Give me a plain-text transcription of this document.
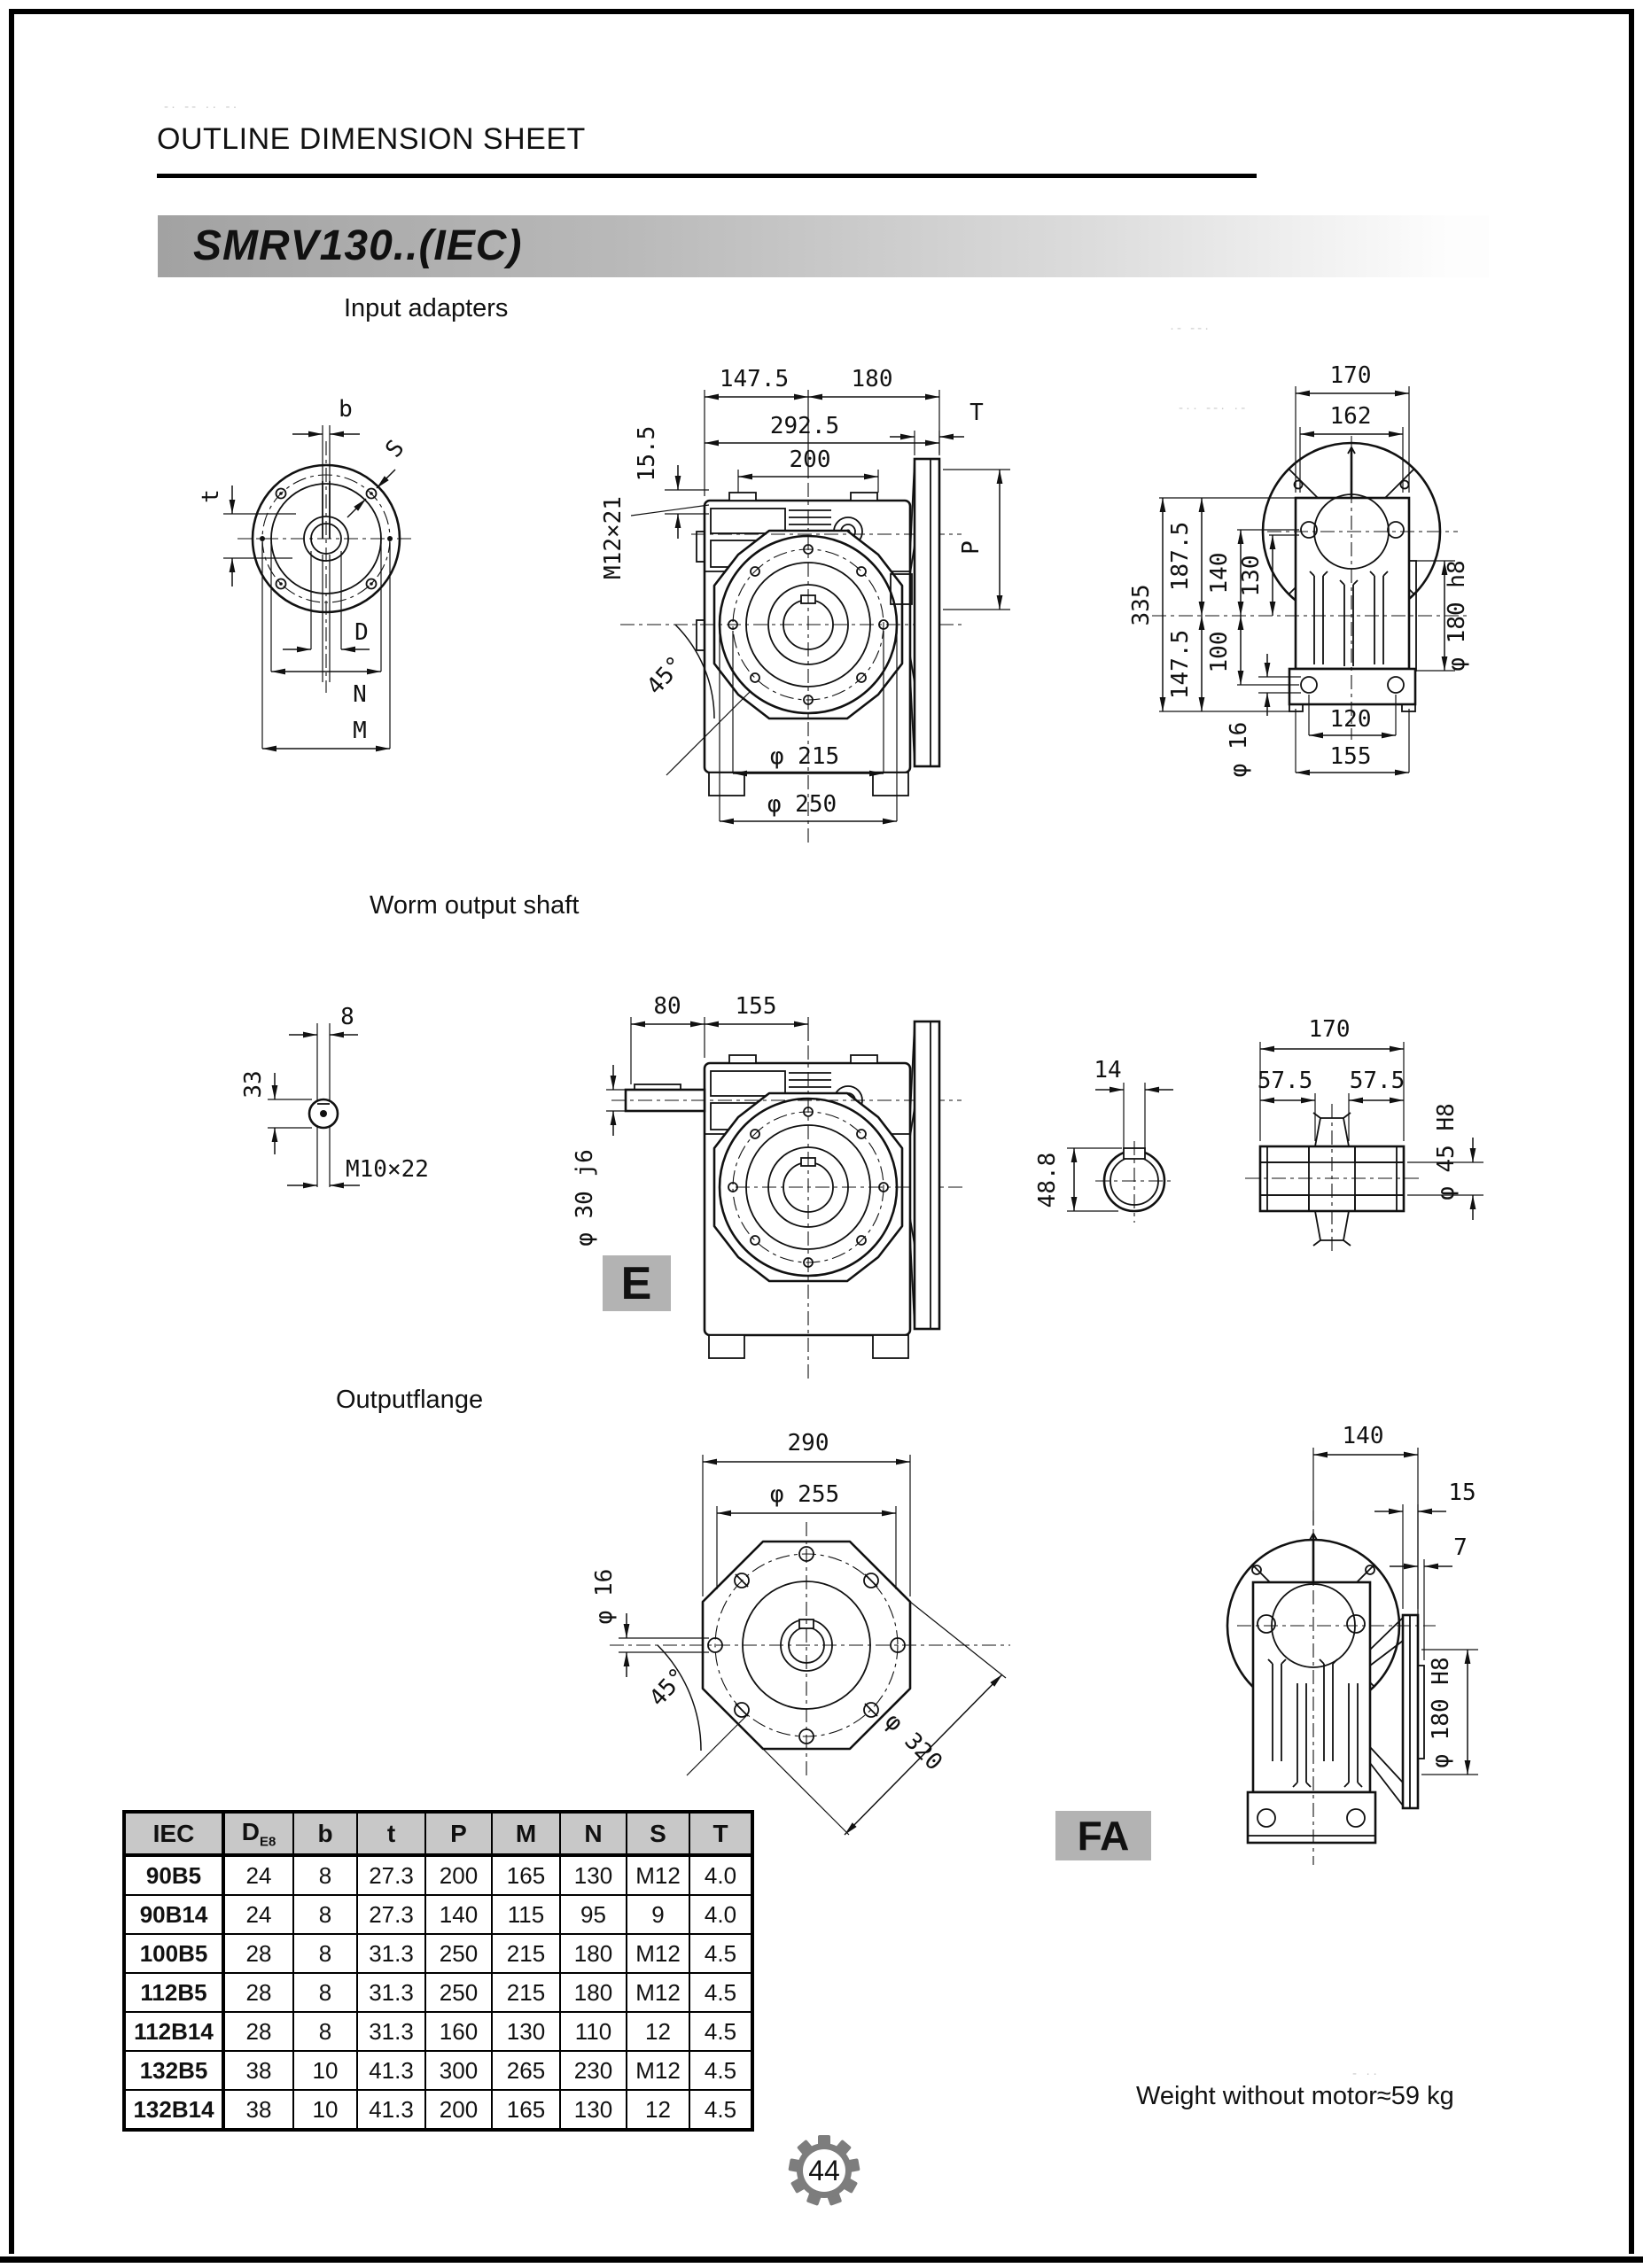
-· -- ·· -·
·- --·
-·· --· ·-
- ··
OUTLINE DIMENSION SHEET
SMRV130..(IEC)
Input adapters
Worm output shaft
Outputflange
b
S
t
D
N
M
147.5	180
292.5
200
15.5
M12×21
T
P
45°
φ 215
φ 250
170
162
335
187.5
147.5
140
100
130
φ 16
φ 180 h8
120
155
8
33
M10×22
80 155
φ 30 j6
E
14
48.8
170
57.5 57.5
φ 45 H8
290
φ 255
φ 16
45°
φ 320
140
15
7
φ 180 H8
FA
IEC	$D_{E8}$	b	t	P	M	N	S	T
90B5	24	8	27.3	200	165	130	M12	4.0
90B14	24	8	27.3	140	115	95	9	4.0
100B5	28	8	31.3	250	215	180	M12	4.5
112B5	28	8	31.3	250	215	180	M12	4.5
112B14	28	8	31.3	160	130	110	12	4.5
132B5	38	10	41.3	300	265	230	M12	4.5
132B14	38	10	41.3	200	165	130	12	4.5	Weight without motor≈59 kg
44
